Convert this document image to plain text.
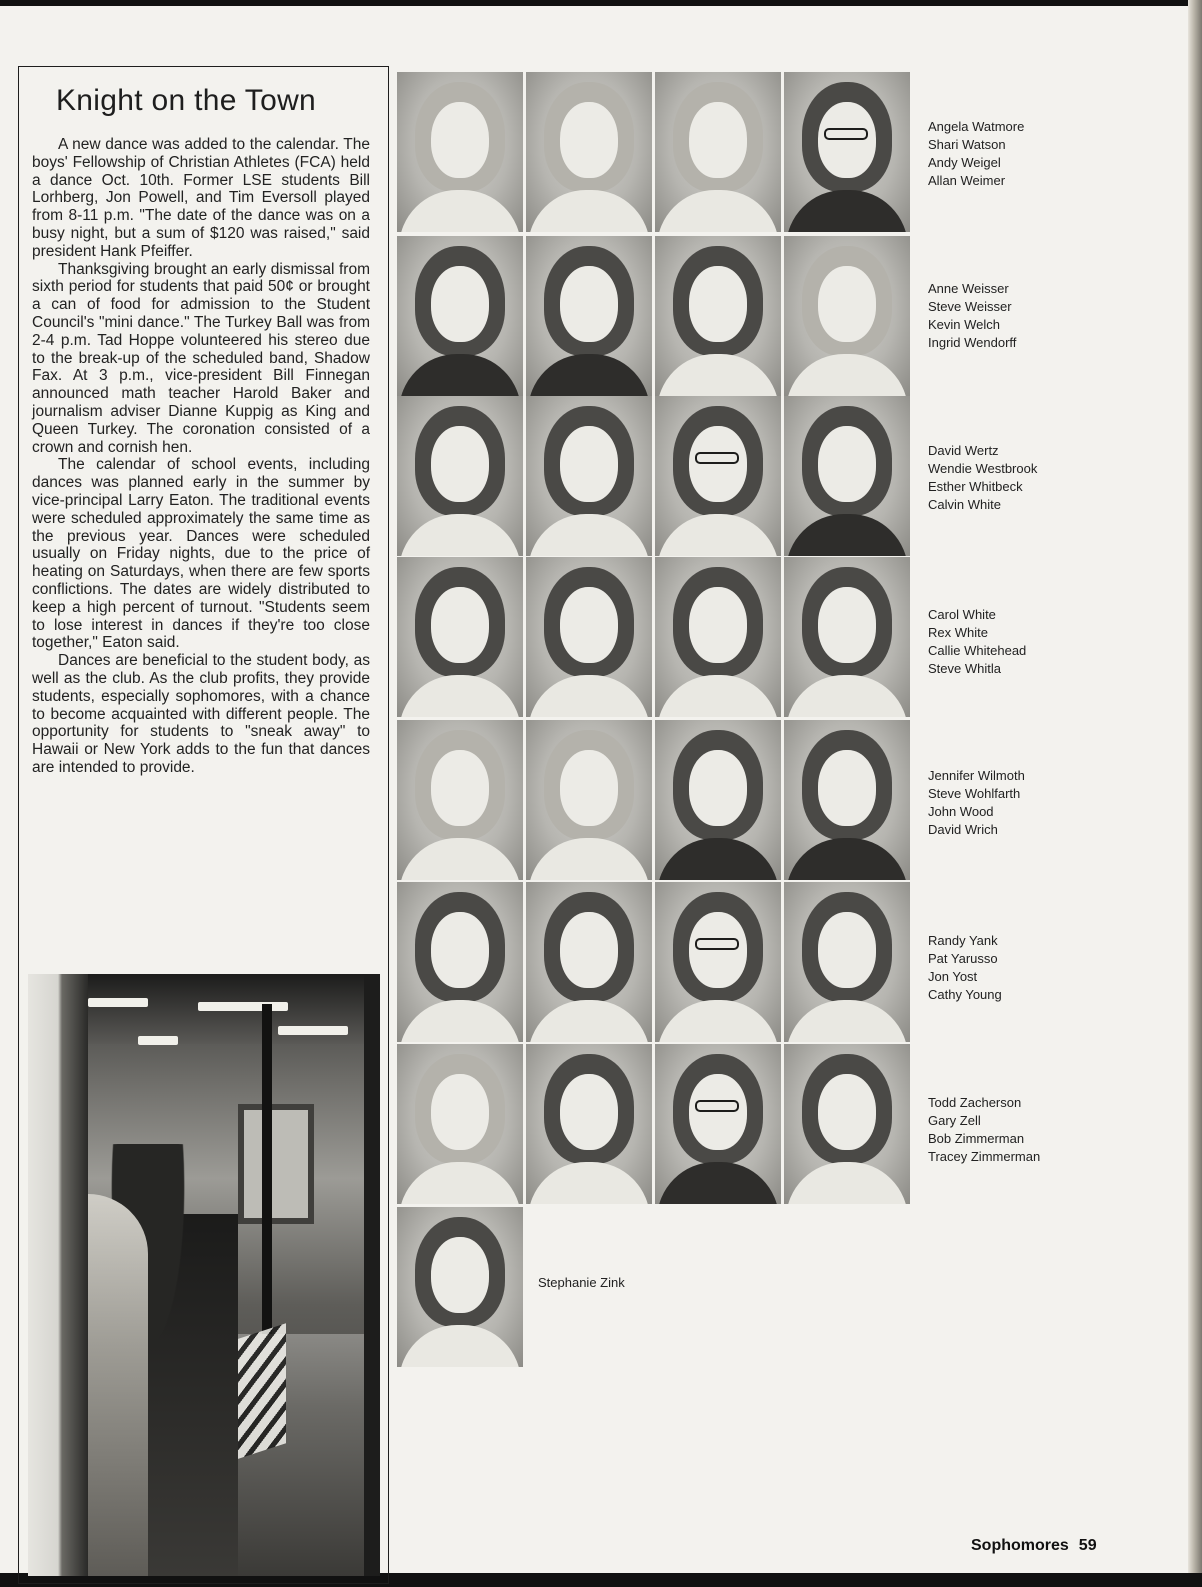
Knight on the Town

A new dance was added to the calendar. The boys' Fellowship of Christian Athletes (FCA) held a dance Oct. 10th. Former LSE students Bill Lorhberg, Jon Powell, and Tim Eversoll played from 8-11 p.m. "The date of the dance was on a busy night, but a sum of $120 was raised," said president Hank Pfeiffer.

Thanksgiving brought an early dismissal from sixth period for students that paid 50¢ or brought a can of food for admission to the Student Council's "mini dance." The Turkey Ball was from 2-4 p.m. Tad Hoppe volunteered his stereo due to the break-up of the scheduled band, Shadow Fax. At 3 p.m., vice-president Bill Finnegan announced math teacher Harold Baker and journalism adviser Dianne Kuppig as King and Queen Turkey. The coronation consisted of a crown and cornish hen.

The calendar of school events, including dances was planned early in the summer by vice-principal Larry Eaton. The traditional events were scheduled approximately the same time as the previous year. Dances were scheduled usually on Friday nights, due to the price of heating on Saturdays, when there are few sports conflictions. The dates are widely distributed to keep a high percent of turnout. "Students seem to lose interest in dances if they're too close together," Eaton said.

Dances are beneficial to the student body, as well as the club. As the club profits, they provide students, especially sophomores, with a chance to become acquainted with different people. The opportunity for students to "sneak away" to Hawaii or New York adds to the fun that dances are intended to provide.

Angela Watmore
Shari Watson
Andy Weigel
Allan Weimer
Anne Weisser
Steve Weisser
Kevin Welch
Ingrid Wendorff
David Wertz
Wendie Westbrook
Esther Whitbeck
Calvin White
Carol White
Rex White
Callie Whitehead
Steve Whitla
Jennifer Wilmoth
Steve Wohlfarth
John Wood
David Wrich
Randy Yank
Pat Yarusso
Jon Yost
Cathy Young
Todd Zacherson
Gary Zell
Bob Zimmerman
Tracey Zimmerman
Stephanie Zink
Sophomores 59
